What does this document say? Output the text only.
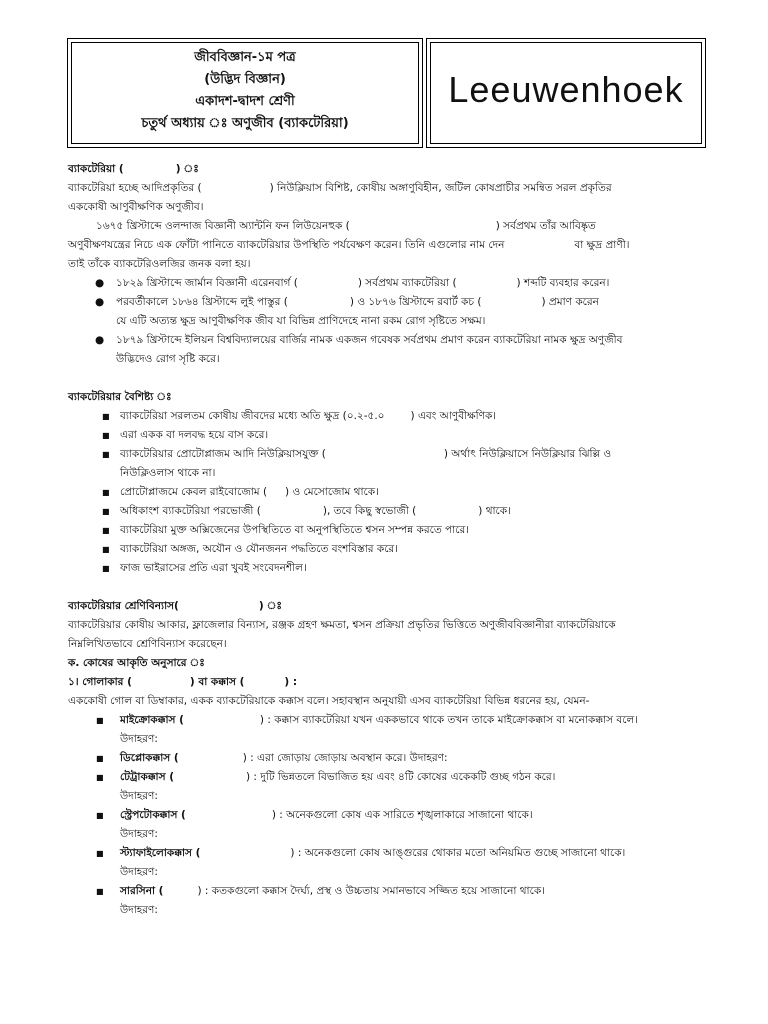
জীববিজ্ঞান-১ম পত্র
(উদ্ভিদ বিজ্ঞান)
একাদশ-দ্বাদশ শ্রেণী
চতুর্থ অধ্যায় ঃ অণুজীব (ব্যাকটেরিয়া)
Leeuwenhoek
ব্যাকটেরিয়া (	) ঃ
ব্যাকটেরিয়া হচ্ছে আদিপ্রকৃতির (	) নিউক্লিয়াস বিশিষ্ট, কোষীয় অঙ্গাণুবিহীন, জটিল কোষপ্রাচীর সমন্বিত সরল প্রকৃতির
এককোষী আণুবীক্ষণিক অণুজীব।
১৬৭৫ খ্রিস্টাব্দে ওলন্দাজ বিজ্ঞানী অ্যান্টনি ফন লিউয়েনহুক (	) সর্বপ্রথম তাঁর আবিষ্কৃত
অণুবীক্ষণযন্ত্রের নিচে এক ফোঁটা পানিতে ব্যাকটেরিয়ার উপস্থিতি পর্যবেক্ষণ করেন। তিনি এগুলোর নাম দেন	বা ক্ষুদ্র প্রাণী।
তাই তাঁকে ব্যাকটেরিওলজির জনক বলা হয়।
● ১৮২৯ খ্রিস্টাব্দে জার্মান বিজ্ঞানী এরেনবার্গ (	) সর্বপ্রথম ব্যাকটেরিয়া (	) শব্দটি ব্যবহার করেন।
● পরবর্তীকালে ১৮৬৪ খ্রিস্টাব্দে লুই পাস্তুর (	) ও ১৮৭৬ খ্রিস্টাব্দে রবার্ট কচ (	) প্রমাণ করেন
যে এটি অত্যন্ত ক্ষুদ্র আণুবীক্ষণিক জীব যা বিভিন্ন প্রাণিদেহে নানা রকম রোগ সৃষ্টিতে সক্ষম।
● ১৮৭৯ খ্রিস্টাব্দে ইলিয়ন বিশ্ববিদ্যালয়ের বার্জির নামক একজন গবেষক সর্বপ্রথম প্রমাণ করেন ব্যাকটেরিয়া নামক ক্ষুদ্র অণুজীব
উদ্ভিদেও রোগ সৃষ্টি করে।
ব্যাকটেরিয়ার বৈশিষ্ট্য ঃ
■ ব্যাকটেরিয়া সরলতম কোষীয় জীবদের মধ্যে অতি ক্ষুদ্র (০.২-৫.০ ) এবং আণুবীক্ষণিক।
■ এরা একক বা দলবদ্ধ হয়ে বাস করে।
■ ব্যাকটেরিয়ার প্রোটোপ্লাজম আদি নিউক্লিয়াসযুক্ত (	) অর্থাৎ নিউক্লিয়াসে নিউক্লিয়ার ঝিল্লি ও
নিউক্লিওলাস থাকে না।
■ প্রোটোপ্লাজমে কেবল রাইবোজোম ( ) ও মেসোজোম থাকে।
■ অধিকাংশ ব্যাকটেরিয়া পরভোজী (	), তবে কিছু স্বভোজী (	) থাকে।
■ ব্যাকটেরিয়া মুক্ত অক্সিজেনের উপস্থিতিতে বা অনুপস্থিতিতে শ্বসন সম্পন্ন করতে পারে।
■ ব্যাকটেরিয়া অঙ্গজ, অযৌন ও যৌনজনন পদ্ধতিতে বংশবিস্তার করে।
■ ফাজ ভাইরাসের প্রতি এরা খুবই সংবেদনশীল।
ব্যাকটেরিয়ার শ্রেণিবিন্যাস(	) ঃ
ব্যাকটেরিয়ার কোষীয় আকার, ফ্লাজেলার বিন্যাস, রঞ্জক গ্রহণ ক্ষমতা, শ্বসন প্রক্রিয়া প্রভৃতির ভিত্তিতে অণুজীববিজ্ঞানীরা ব্যাকটেরিয়াকে
নিম্নলিখিতভাবে শ্রেণিবিন্যাস করেছেন।
ক. কোষের আকৃতি অনুসারে ঃ
১। গোলাকার (	) বা কক্কাস (	) :
এককোষী গোল বা ডিম্বাকার, একক ব্যাকটেরিয়াকে কক্কাস বলে। সহাবস্থান অনুযায়ী এসব ব্যাকটেরিয়া বিভিন্ন ধরনের হয়, যেমন-
■ মাইক্রোকক্কাস (	) : কক্কাস ব্যাকটেরিয়া যখন এককভাবে থাকে তখন তাকে মাইক্রোকক্কাস বা মনোকক্কাস বলে।
উদাহরণ:
■ ডিপ্লোকক্কাস (	) : এরা জোড়ায় জোড়ায় অবস্থান করে। উদাহরণ:
■ টেট্রাকক্কাস (	) : দুটি ভিন্নতলে বিভাজিত হয় এবং ৪টি কোষের একেকটি গুচ্ছ গঠন করে।
উদাহরণ:
■ স্ট্রেপটোকক্কাস (	) : অনেকগুলো কোষ এক সারিতে শৃঙ্খলাকারে সাজানো থাকে।
উদাহরণ:
■ স্ট্যাফাইলোকক্কাস (	) : অনেকগুলো কোষ আঙ্গুরের থোকার মতো অনিয়মিত গুচ্ছে সাজানো থাকে।
উদাহরণ:
■ সারসিনা (	) : কতকগুলো কক্কাস দৈর্ঘ্য, প্রস্থ ও উচ্চতায় সমানভাবে সজ্জিত হয়ে সাজানো থাকে।
উদাহরণ:
